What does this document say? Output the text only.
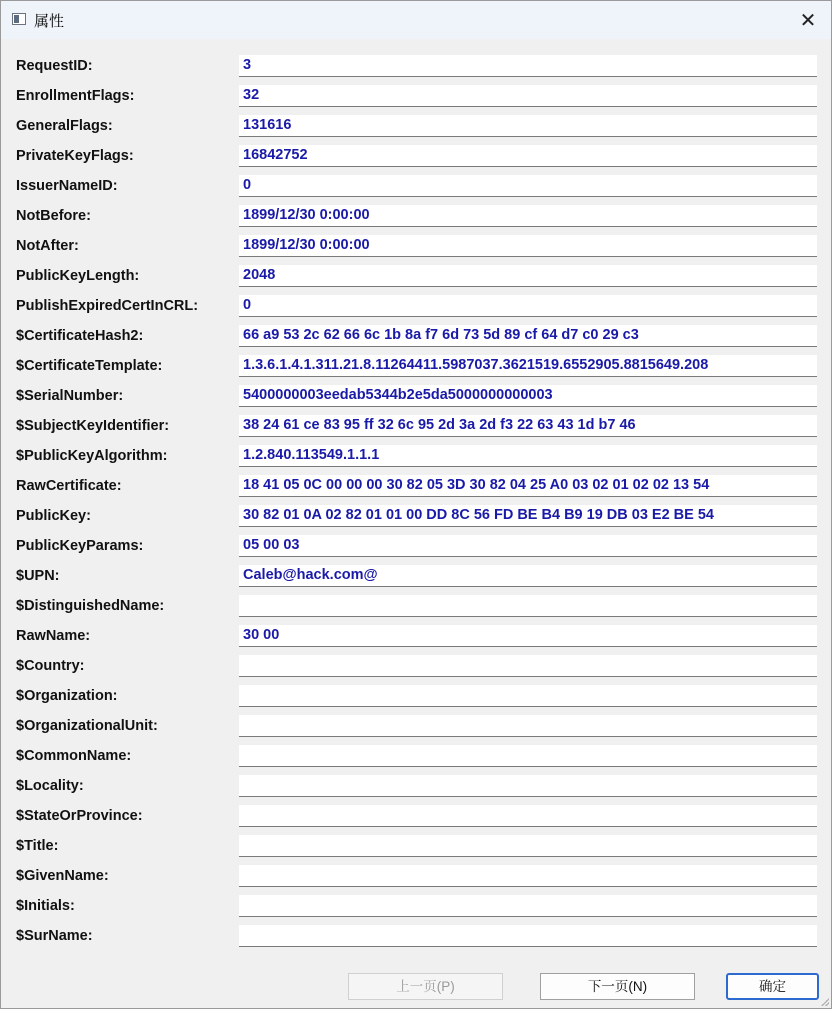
属性	✕
RequestID:	3
EnrollmentFlags:	32
GeneralFlags:	131616
PrivateKeyFlags:	16842752
IssuerNameID:	0
NotBefore:	1899/12/30 0:00:00
NotAfter:	1899/12/30 0:00:00
PublicKeyLength:	2048
PublishExpiredCertInCRL:	0
$CertificateHash2:	66 a9 53 2c 62 66 6c 1b 8a f7 6d 73 5d 89 cf 64 d7 c0 29 c3
$CertificateTemplate:	1.3.6.1.4.1.311.21.8.11264411.5987037.3621519.6552905.8815649.208
$SerialNumber:	5400000003eedab5344b2e5da5000000000003
$SubjectKeyIdentifier:	38 24 61 ce 83 95 ff 32 6c 95 2d 3a 2d f3 22 63 43 1d b7 46
$PublicKeyAlgorithm:	1.2.840.113549.1.1.1
RawCertificate:	18 41 05 0C 00 00 00 30 82 05 3D 30 82 04 25 A0 03 02 01 02 02 13 54
PublicKey:	30 82 01 0A 02 82 01 01 00 DD 8C 56 FD BE B4 B9 19 DB 03 E2 BE 54
PublicKeyParams:	05 00 03
$UPN:	Caleb@hack.com@
$DistinguishedName:
RawName:	30 00
$Country:
$Organization:
$OrganizationalUnit:
$CommonName:
$Locality:
$StateOrProvince:
$Title:
$GivenName:
$Initials:
$SurName:
上一页(P)	下一页(N)	确定
